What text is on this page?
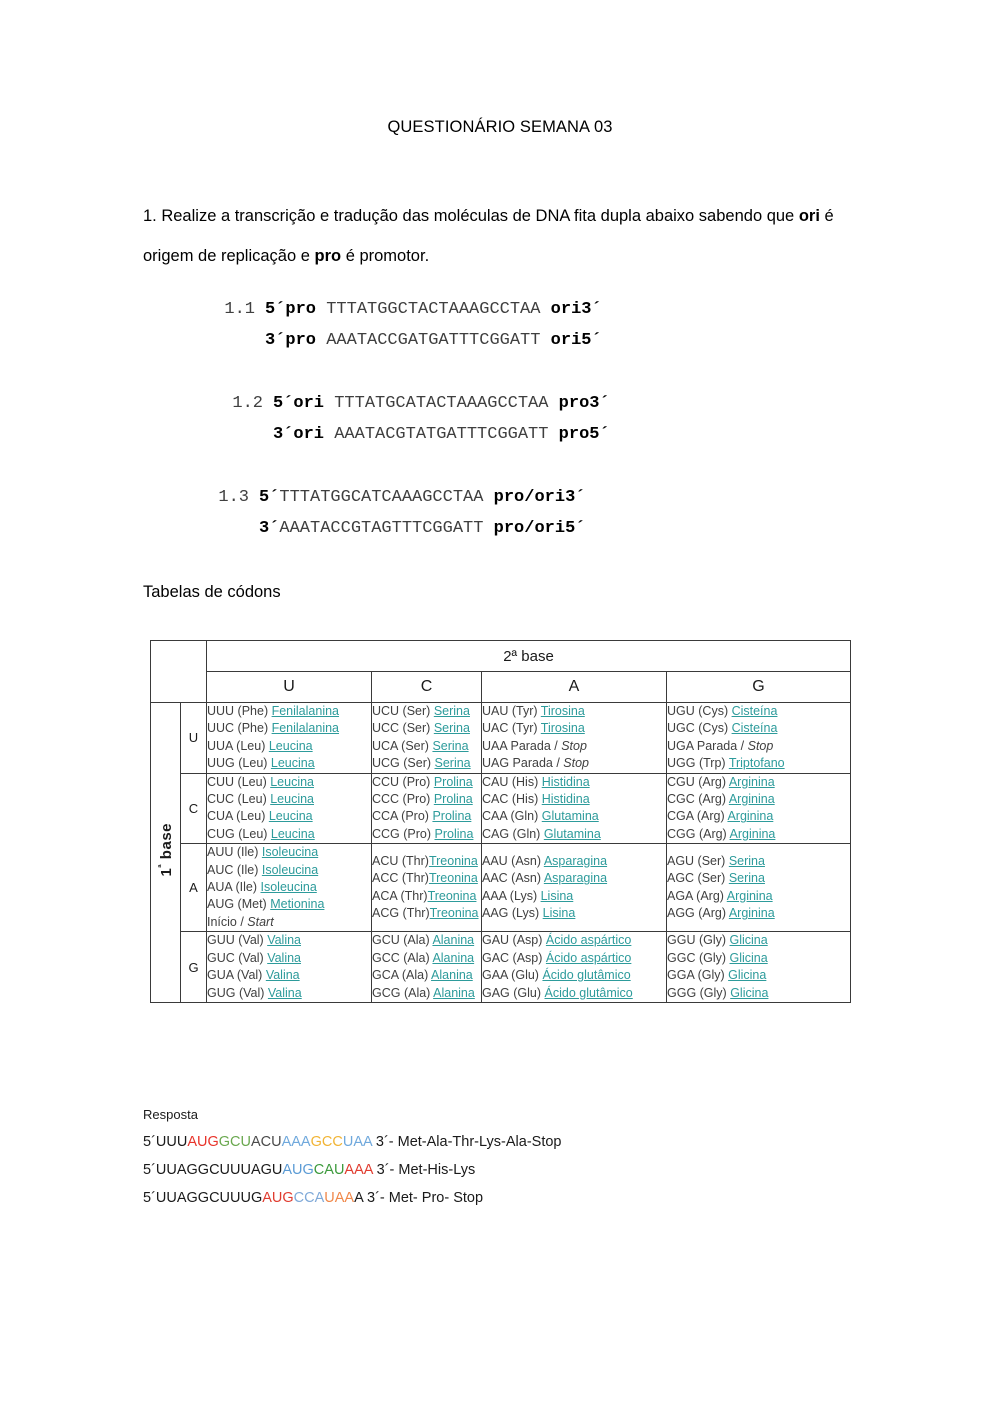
QUESTIONÁRIO SEMANA 03
1. Realize a transcrição e tradução das moléculas de DNA fita dupla abaixo sabendo que ori é origem de replicação e pro é promotor.
1.1 5´pro TTTATGGCTACTAAAGCCTAA ori3´
3´pro AAATACCGATGATTTCGGATT ori5´
1.2 5´ori TTTATGCATACTAAAGCCTAA pro3´
3´ori AAATACGTATGATTTCGGATT pro5´
1.3 5´TTTATGGCATCAAAGCCTAA pro/ori3´
3´AAATACCGTAGTTTCGGATT pro/ori5´
Tabelas de códons
		2ª base			
		U	C	A	G
$1^ª$ base	U	
UUU (Phe) Fenilalanina
UUC (Phe) Fenilalanina
UUA (Leu) Leucina
UUG (Leu) Leucina

UCU (Ser) Serina
UCC (Ser) Serina
UCA (Ser) Serina
UCG (Ser) Serina

UAU (Tyr) Tirosina
UAC (Tyr) Tirosina
UAA Parada / Stop
UAG Parada / Stop

UGU (Cys) Cisteína
UGC (Cys) Cisteína
UGA Parada / Stop
UGG (Trp) Triptofano

C	
CUU (Leu) Leucina
CUC (Leu) Leucina
CUA (Leu) Leucina
CUG (Leu) Leucina

CCU (Pro) Prolina
CCC (Pro) Prolina
CCA (Pro) Prolina
CCG (Pro) Prolina

CAU (His) Histidina
CAC (His) Histidina
CAA (Gln) Glutamina
CAG (Gln) Glutamina

CGU (Arg) Arginina
CGC (Arg) Arginina
CGA (Arg) Arginina
CGG (Arg) Arginina

A	
AUU (Ile) Isoleucina
AUC (Ile) Isoleucina
AUA (Ile) Isoleucina
AUG (Met) Metionina
Início / Start

ACU (Thr)Treonina
ACC (Thr)Treonina
ACA (Thr)Treonina
ACG (Thr)Treonina

AAU (Asn) Asparagina
AAC (Asn) Asparagina
AAA (Lys) Lisina
AAG (Lys) Lisina

AGU (Ser) Serina
AGC (Ser) Serina
AGA (Arg) Arginina
AGG (Arg) Arginina

G	
GUU (Val) Valina
GUC (Val) Valina
GUA (Val) Valina
GUG (Val) Valina

GCU (Ala) Alanina
GCC (Ala) Alanina
GCA (Ala) Alanina
GCG (Ala) Alanina

GAU (Asp) Ácido aspártico
GAC (Asp) Ácido aspártico
GAA (Glu) Ácido glutâmico
GAG (Glu) Ácido glutâmico

GGU (Gly) Glicina
GGC (Gly) Glicina
GGA (Gly) Glicina
GGG (Gly) Glicina
Resposta
5´UUUAUGGCUACUAAAGCCUAA 3´- Met-Ala-Thr-Lys-Ala-Stop
5´UUAGGCUUUAGUAUGCAUAAA 3´- Met-His-Lys
5´UUAGGCUUUGAUGCCAUAAA 3´- Met- Pro- Stop
